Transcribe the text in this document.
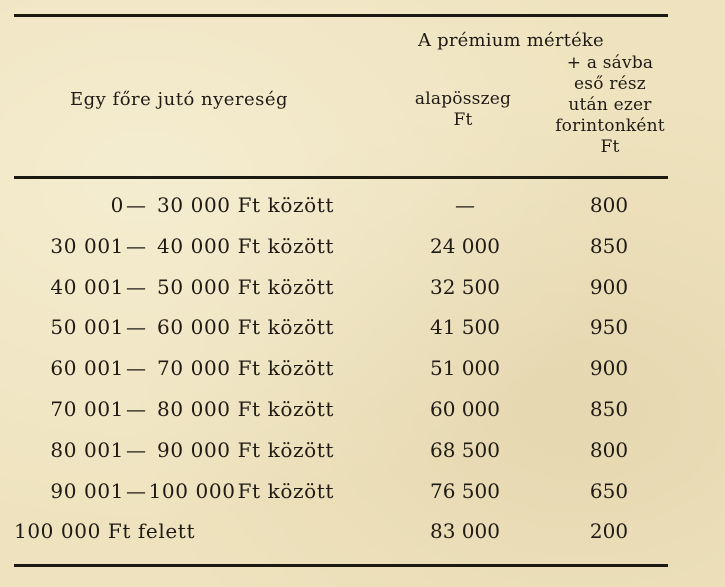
Egy főre jutó nyereség
A prémium mértéke
alapösszeg
Ft
+ a sávba
eső rész
után ezer
forintonként
Ft
0 — 30 000 Ft között	—	800
30 001 — 40 000 Ft között	24 000	850
40 001 — 50 000 Ft között	32 500	900
50 001 — 60 000 Ft között	41 500	950
60 001 — 70 000 Ft között	51 000	900
70 001 — 80 000 Ft között	60 000	850
80 001 — 90 000 Ft között	68 500	800
90 001 — 100 000 Ft között	76 500	650
100 000 Ft felett	83 000	200
